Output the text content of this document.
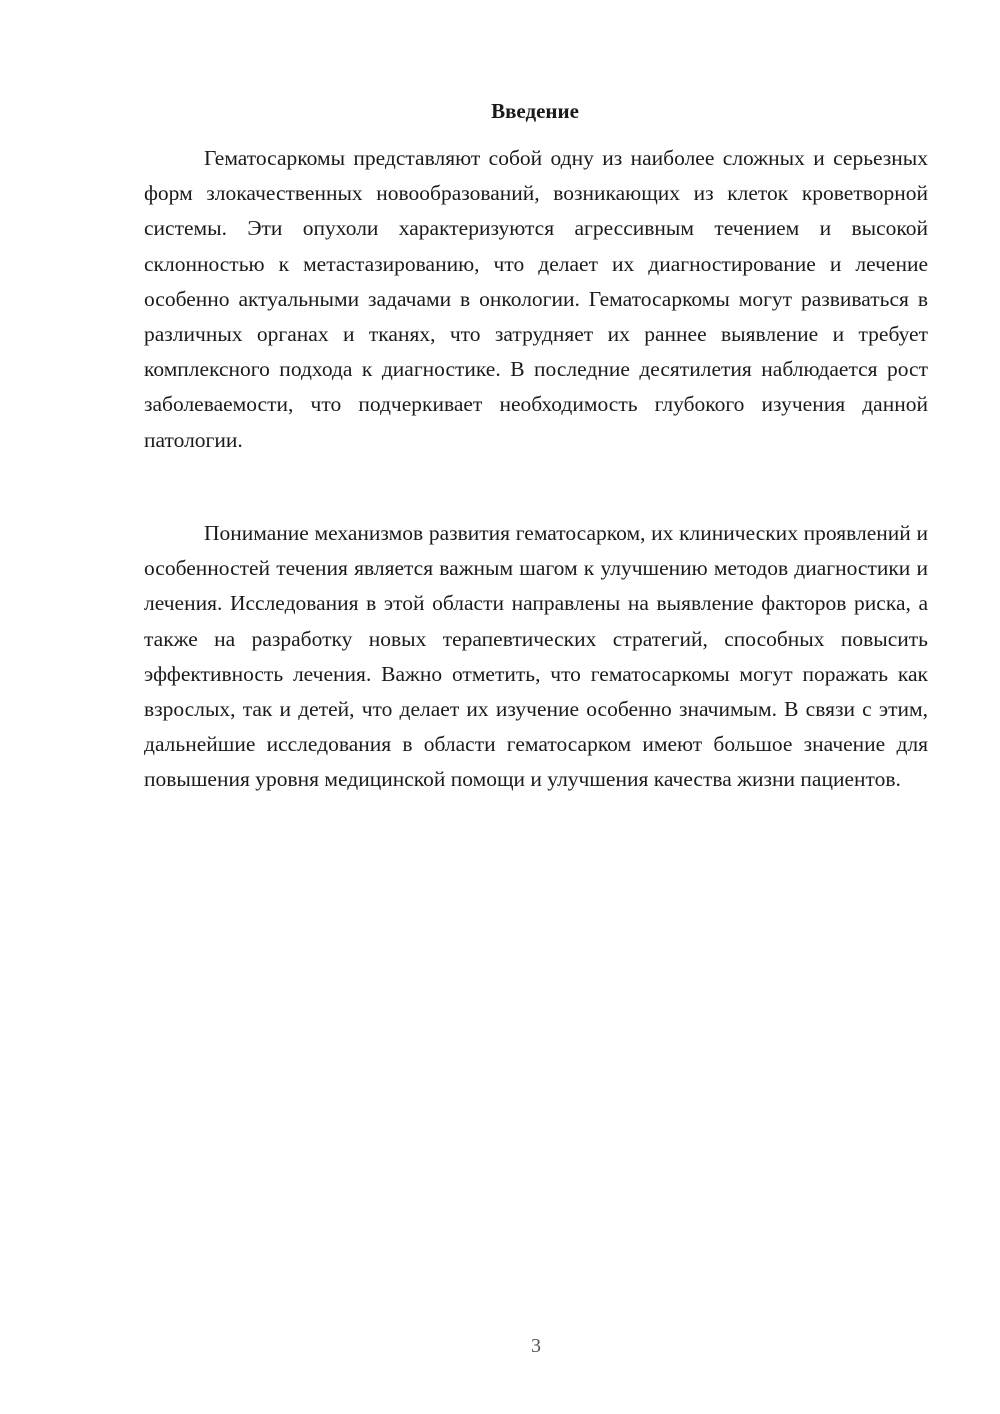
Введение

Гематосаркомы представляют собой одну из наиболее сложных и серьезных форм злокачественных новообразований, возникающих из клеток кроветворной системы. Эти опухоли характеризуются агрессивным течением и высокой склонностью к метастазированию, что делает их диагностирование и лечение особенно актуальными задачами в онкологии. Гематосаркомы могут развиваться в различных органах и тканях, что затрудняет их раннее выявление и требует комплексного подхода к диагностике. В последние десятилетия наблюдается рост заболеваемости, что подчеркивает необходимость глубокого изучения данной патологии.

Понимание механизмов развития гематосарком, их клинических проявлений и особенностей течения является важным шагом к улучшению методов диагностики и лечения. Исследования в этой области направлены на выявление факторов риска, а также на разработку новых терапевтических стратегий, способных повысить эффективность лечения. Важно отметить, что гематосаркомы могут поражать как взрослых, так и детей, что делает их изучение особенно значимым. В связи с этим, дальнейшие исследования в области гематосарком имеют большое значение для повышения уровня медицинской помощи и улучшения качества жизни пациентов.

3
